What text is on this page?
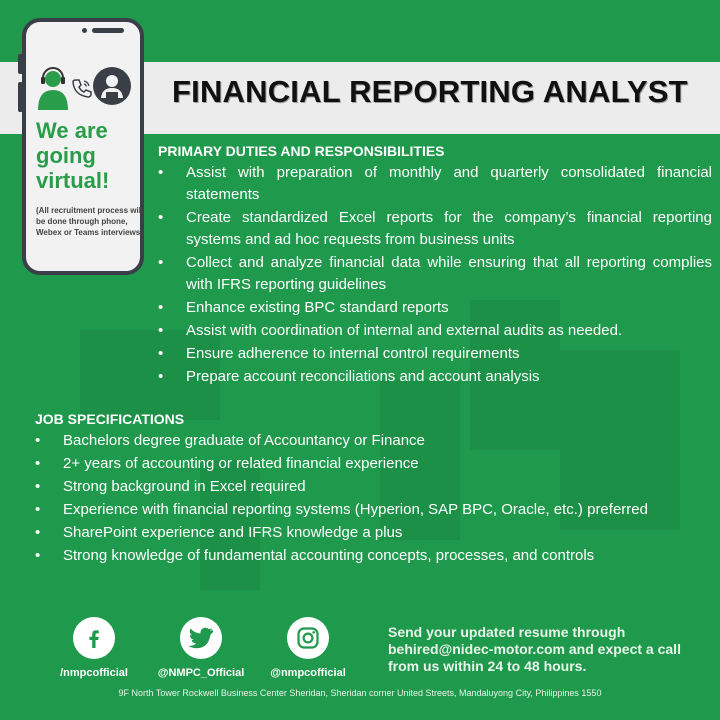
FINANCIAL REPORTING ANALYST
We are
going
virtual!
(All recruitment process will be done through phone, Webex or Teams interviews)
PRIMARY DUTIES AND RESPONSIBILITIES
• Assist with preparation of monthly and quarterly consolidated financial statements
• Create standardized Excel reports for the company’s financial reporting systems and ad hoc requests from business units
• Collect and analyze financial data while ensuring that all reporting complies with IFRS reporting guidelines
• Enhance existing BPC standard reports
• Assist with coordination of internal and external audits as needed.
• Ensure adherence to internal control requirements
• Prepare account reconciliations and account analysis
JOB SPECIFICATIONS
• Bachelors degree graduate of Accountancy or Finance
• 2+ years of accounting or related financial experience
• Strong background in Excel required
• Experience with financial reporting systems (Hyperion, SAP BPC, Oracle, etc.) preferred
• SharePoint experience and IFRS knowledge a plus
• Strong knowledge of fundamental accounting concepts, processes, and controls
/nmpcofficial	@NMPC_Official	@nmpcofficial
Send your updated resume through behired@nidec-motor.com and expect a call from us within 24 to 48 hours.
9F North Tower Rockwell Business Center Sheridan, Sheridan corner United Streets, Mandaluyong City, Philippines 1550
